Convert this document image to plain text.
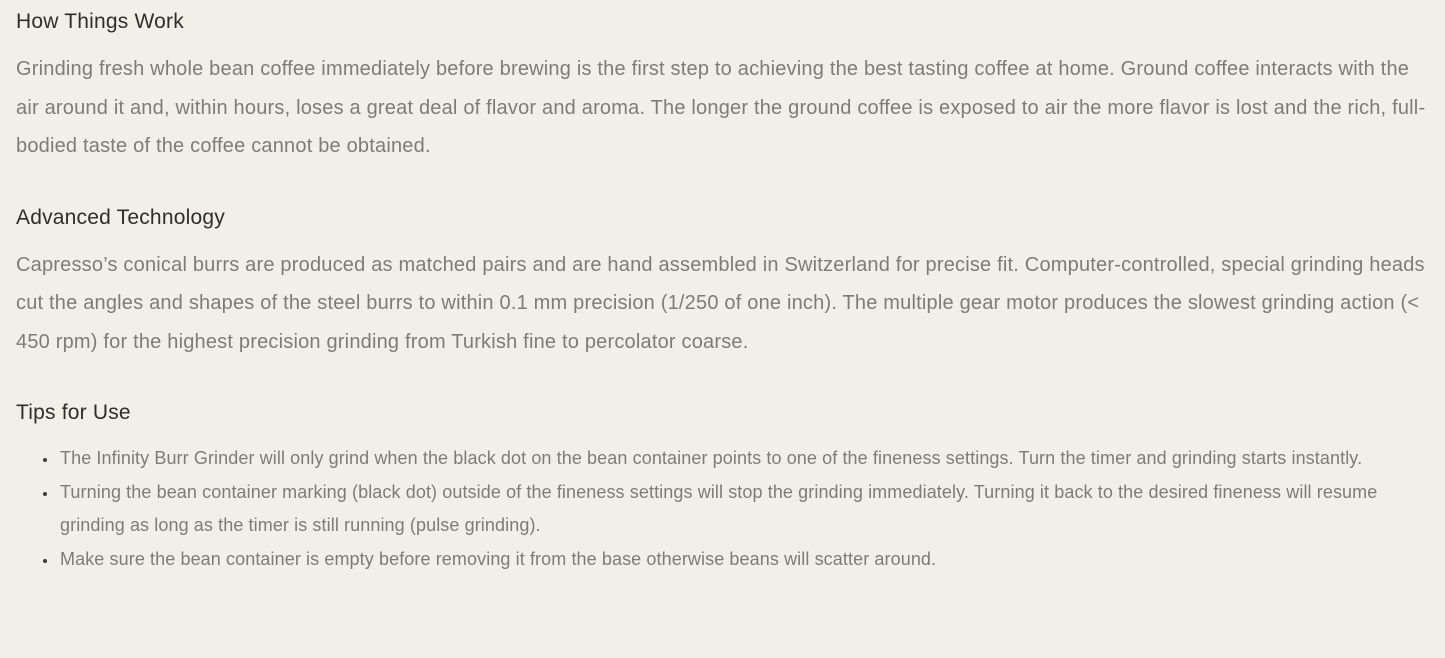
How Things Work

Grinding fresh whole bean coffee immediately before brewing is the first step to achieving the best tasting coffee at home. Ground coffee interacts with the air around it and, within hours, loses a great deal of flavor and aroma. The longer the ground coffee is exposed to air the more flavor is lost and the rich, full-bodied taste of the coffee cannot be obtained.

Advanced Technology

Capresso’s conical burrs are produced as matched pairs and are hand assembled in Switzerland for precise fit. Computer-controlled, special grinding heads cut the angles and shapes of the steel burrs to within 0.1 mm precision (1/250 of one inch). The multiple gear motor produces the slowest grinding action (< 450 rpm) for the highest precision grinding from Turkish fine to percolator coarse.

Tips for Use
• The Infinity Burr Grinder will only grind when the black dot on the bean container points to one of the fineness settings. Turn the timer and grinding starts instantly.
• Turning the bean container marking (black dot) outside of the fineness settings will stop the grinding immediately. Turning it back to the desired fineness will resume grinding as long as the timer is still running (pulse grinding).
• Make sure the bean container is empty before removing it from the base otherwise beans will scatter around.
